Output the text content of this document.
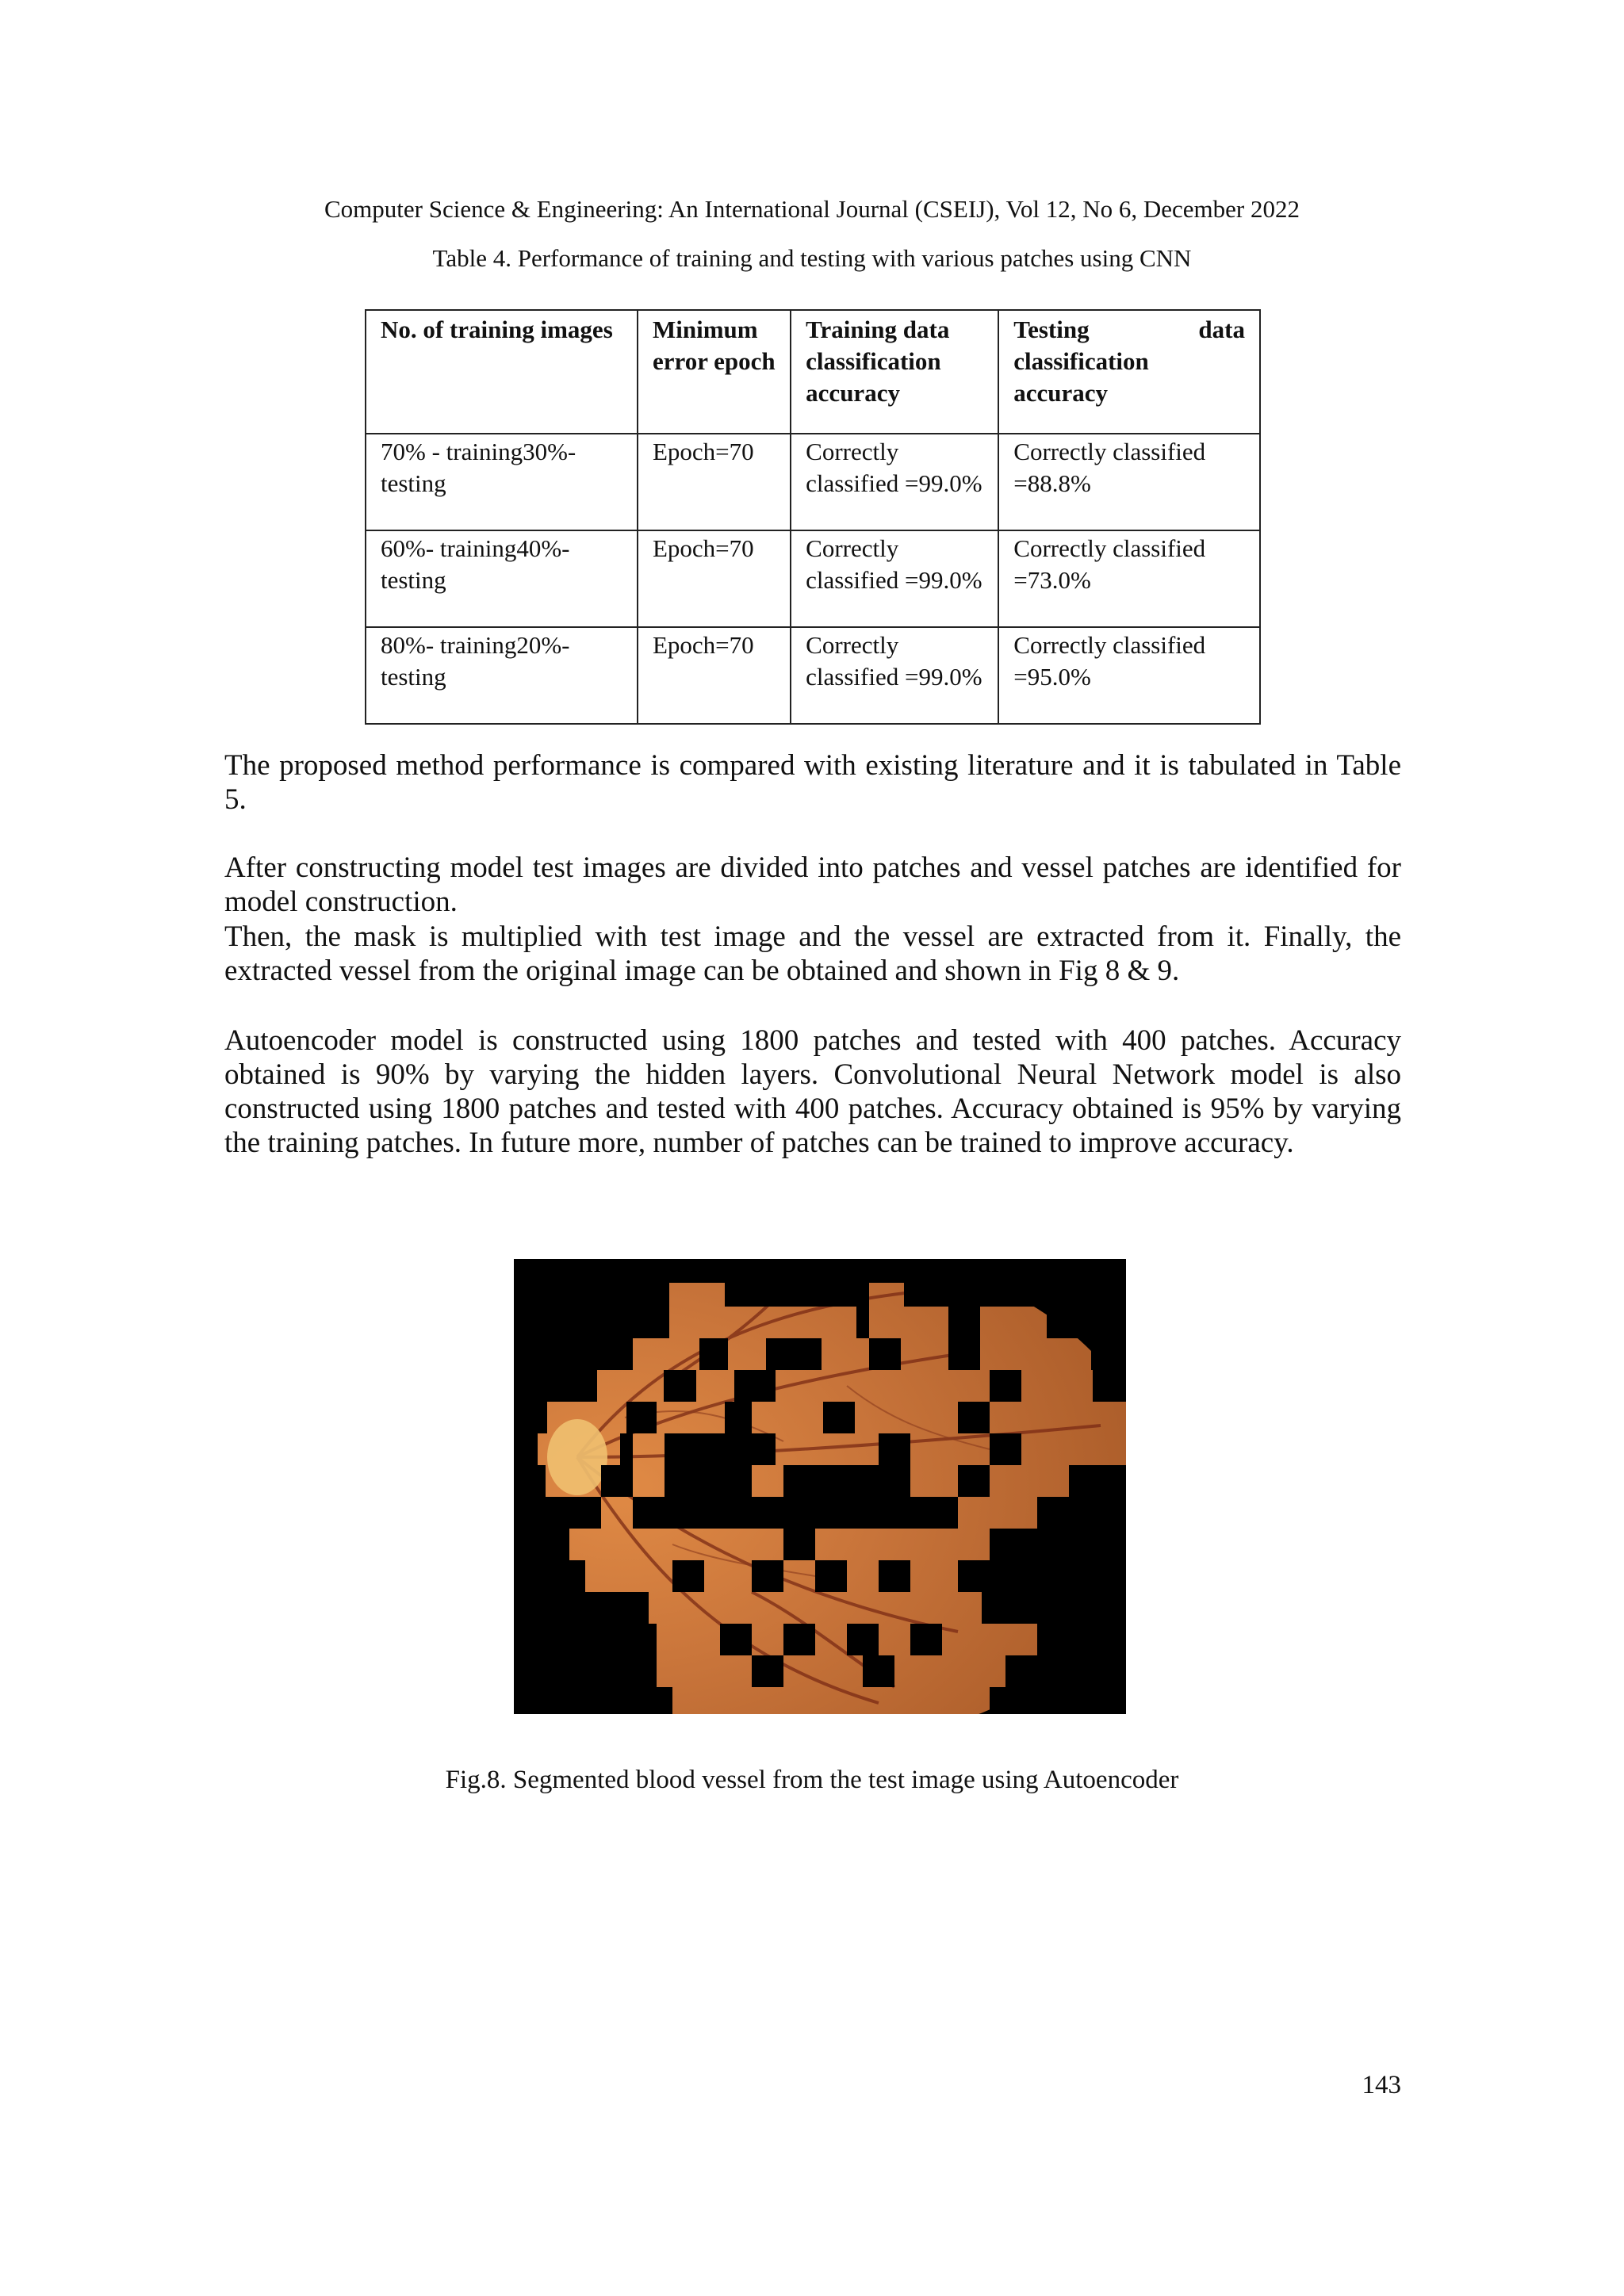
Computer Science & Engineering: An International Journal (CSEIJ), Vol 12, No 6, December 2022
Table 4. Performance of training and testing with various patches using CNN
No. of training images	Minimum error epoch	Training data classification accuracy	Testing data classification accuracy
70% - training30%- testing	Epoch=70	Correctly classified =99.0%	Correctly classified =88.8%
60%- training40%- testing	Epoch=70	Correctly classified =99.0%	Correctly classified =73.0%
80%- training20%- testing	Epoch=70	Correctly classified =99.0%	Correctly classified =95.0%

The proposed method performance is compared with existing literature and it is tabulated in Table 5.

After constructing model test images are divided into patches and vessel patches are identified for model construction.

Then, the mask is multiplied with test image and the vessel are extracted from it. Finally, the extracted vessel from the original image can be obtained and shown in Fig 8 & 9.

Autoencoder model is constructed using 1800 patches and tested with 400 patches. Accuracy obtained is 90% by varying the hidden layers. Convolutional Neural Network model is also constructed using 1800 patches and tested with 400 patches. Accuracy obtained is 95% by varying the training patches. In future more, number of patches can be trained to improve accuracy.

Fig.8. Segmented blood vessel from the test image using Autoencoder
143
